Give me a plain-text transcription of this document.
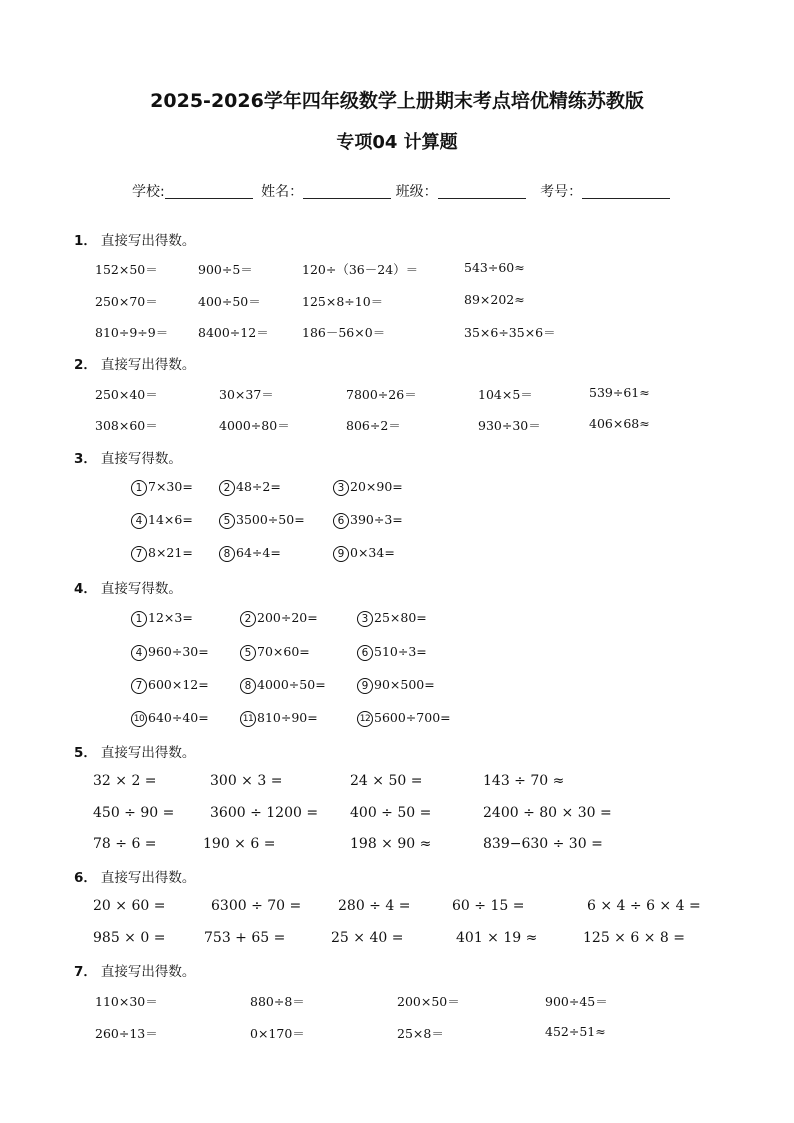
2025-2026学年四年级数学上册期末考点培优精练苏教版
专项04 计算题
学校:	姓名：	班级：	考号：
1． 直接写出得数。
152×50＝	900÷5＝	120÷（36－24）＝	543÷60≈
250×70＝	400÷50＝	125×8÷10＝	89×202≈
810÷9÷9＝ 8400÷12＝	186－56×0＝	35×6÷35×6＝
2． 直接写出得数。
250×40＝	30×37＝	7800÷26＝	104×5＝	539÷61≈
308×60＝	4000÷80＝	806÷2＝	930÷30＝	406×68≈
3． 直接写得数。
1 7×30=	2 48÷2=	3 20×90=
4 14×6=	5 3500÷50=	6 390÷3=
7 8×21=	8 64÷4=	9 0×34=
4． 直接写得数。
1 12×3=	2 200÷20=	3 25×80=
4 960÷30=	5 70×60=	6 510÷3=
7 600×12=	8 4000÷50=	9 90×500=
10 640÷40=	11 810÷90=	12 5600÷700=
5． 直接写出得数。
32 × 2 =	300 × 3 =	24 × 50 =	143 ÷ 70 ≈
450 ÷ 90 =	3600 ÷ 1200 = 400 ÷ 50 =	2400 ÷ 80 × 30 =
78 ÷ 6 =	190 × 6 =	198 × 90 ≈	839−630 ÷ 30 =
6． 直接写出得数。
20 × 60 =	6300 ÷ 70 =	280 ÷ 4 =	60 ÷ 15 =	6 × 4 ÷ 6 × 4 =
985 × 0 =	753 + 65 =	25 × 40 =	401 × 19 ≈	125 × 6 × 8 =
7． 直接写出得数。
110×30＝	880÷8＝	200×50＝	900÷45＝
260÷13＝	0×170＝	25×8＝	452÷51≈
